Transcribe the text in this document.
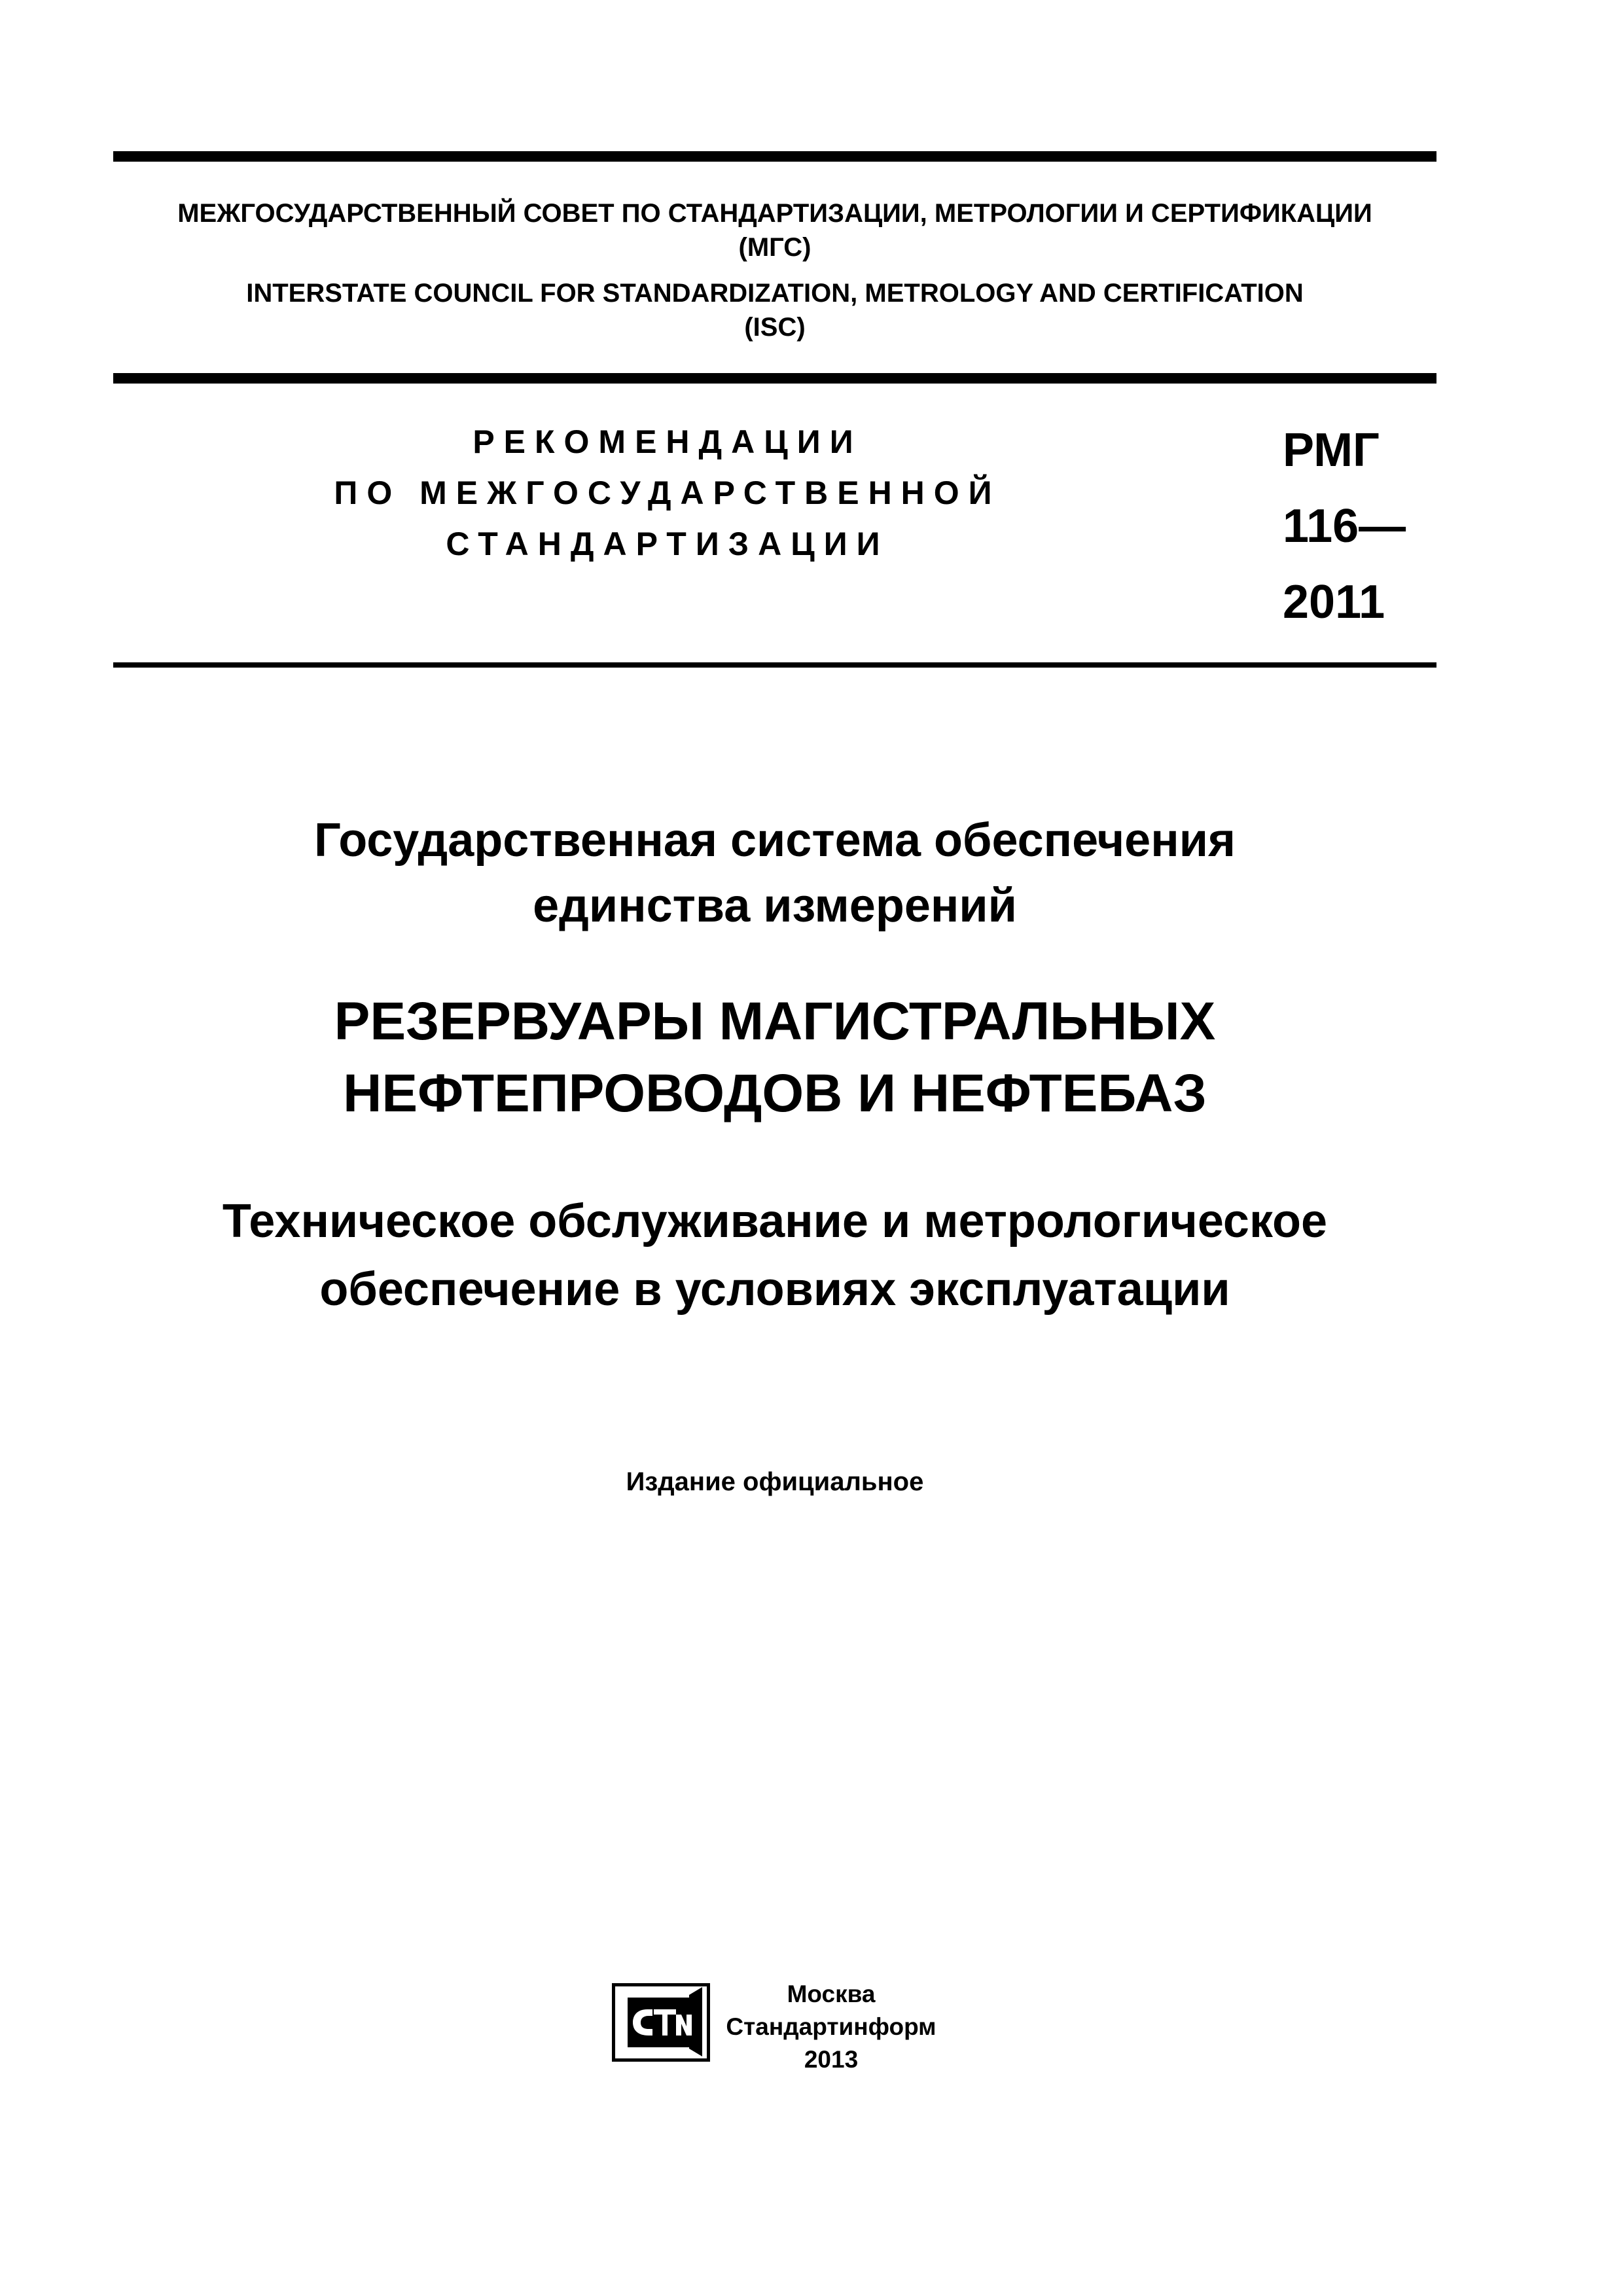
МЕЖГОСУДАРСТВЕННЫЙ СОВЕТ ПО СТАНДАРТИЗАЦИИ, МЕТРОЛОГИИ И СЕРТИФИКАЦИИ
(МГС)
INTERSTATE COUNCIL FOR STANDARDIZATION, METROLOGY AND CERTIFICATION
(ISC)
РЕКОМЕНДАЦИИ
ПО МЕЖГОСУДАРСТВЕННОЙ
СТАНДАРТИЗАЦИИ
РМГ
116—
2011
Государственная система обеспечения
единства измерений
РЕЗЕРВУАРЫ МАГИСТРАЛЬНЫХ
НЕФТЕПРОВОДОВ И НЕФТЕБАЗ
Техническое обслуживание и метрологическое
обеспечение в условиях эксплуатации
Издание официальное
Москва
Стандартинформ
2013
